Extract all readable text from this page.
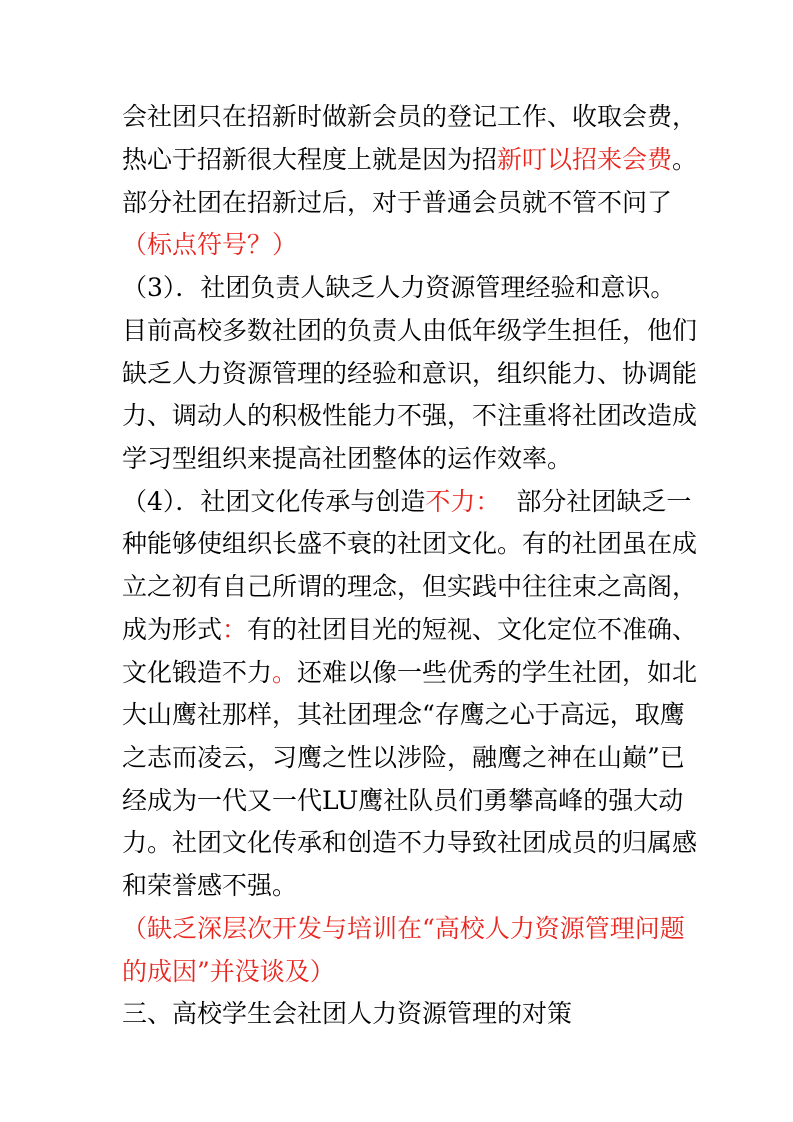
会社团只在招新时做新会员的登记工作、收取会费，
热心于招新很大程度上就是因为招新叮以招来会费。
部分社团在招新过后，对于普通会员就不管不问了
（标点符号？）
（3）．社团负责人缺乏人力资源管理经验和意识。
目前高校多数社团的负责人由低年级学生担任，他们
缺乏人力资源管理的经验和意识，组织能力、协调能
力、调动人的积极性能力不强，不注重将社团改造成
学习型组织来提高社团整体的运作效率。
（4）．社团文化传承与创造不力：  部分社团缺乏一
种能够使组织长盛不衰的社团文化。有的社团虽在成
立之初有自己所谓的理念，但实践中往往束之高阁，
成为形式：有的社团目光的短视、文化定位不准确、
文化锻造不力。还难以像一些优秀的学生社团，如北
大山鹰社那样，其社团理念“存鹰之心于高远，取鹰
之志而凌云，习鹰之性以涉险，融鹰之神在山巅”已
经成为一代又一代LU鹰社队员们勇攀高峰的强大动
力。社团文化传承和创造不力导致社团成员的归属感
和荣誉感不强。
（缺乏深层次开发与培训在“高校人力资源管理问题
的成因”并没谈及）
三、高校学生会社团人力资源管理的对策
